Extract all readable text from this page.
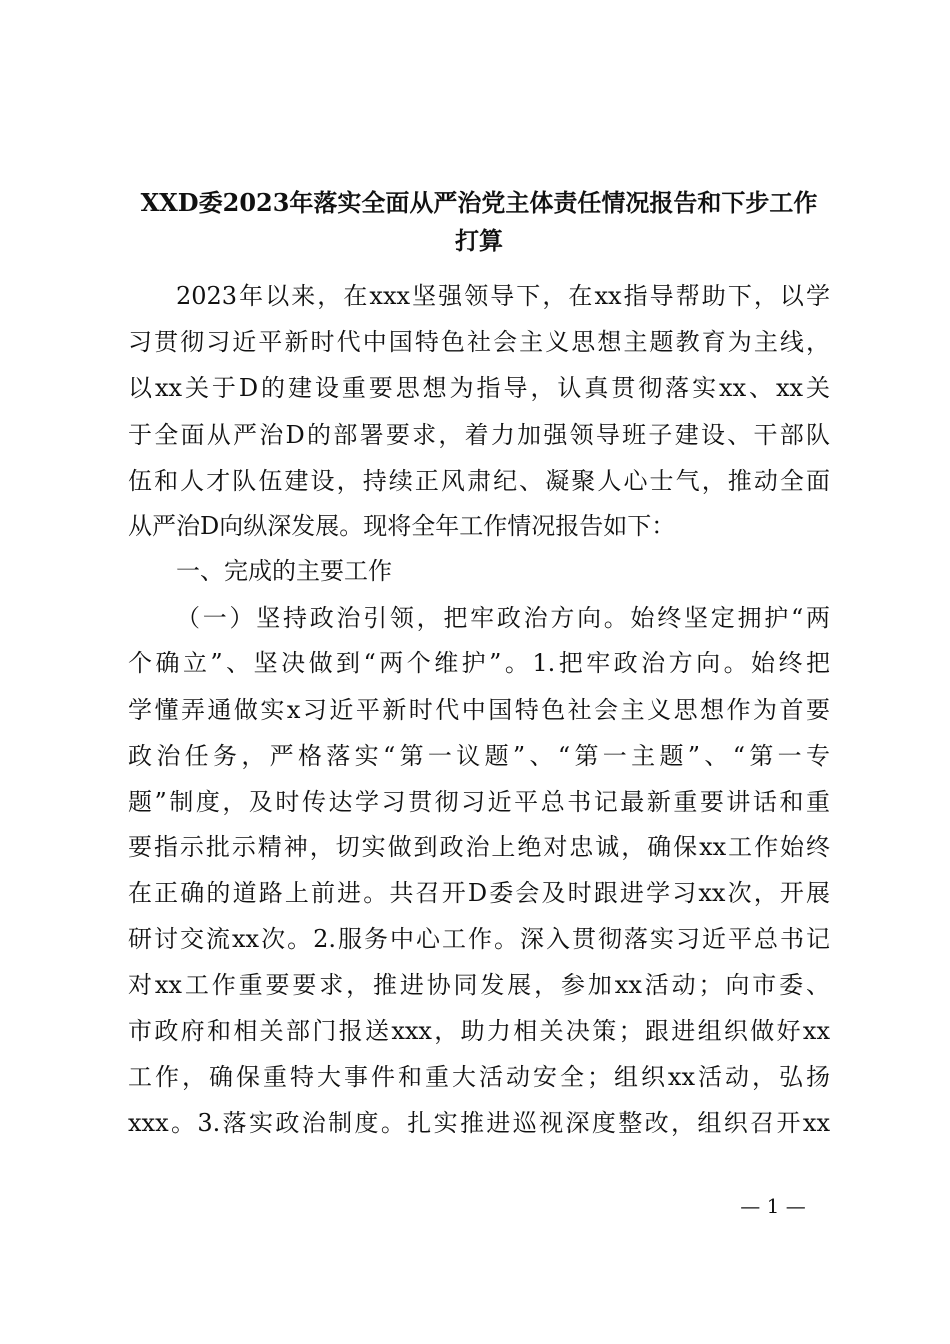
XXD委2023年落实全面从严治党主体责任情况报告和下步工作
打算

2023年以来，在xxx坚强领导下，在xx指导帮助下，以学

习贯彻习近平新时代中国特色社会主义思想主题教育为主线，

以xx关于D的建设重要思想为指导，认真贯彻落实xx、xx关

于全面从严治D的部署要求，着力加强领导班子建设、干部队

伍和人才队伍建设，持续正风肃纪、凝聚人心士气，推动全面

从严治D向纵深发展。现将全年工作情况报告如下：

一、完成的主要工作

（一）坚持政治引领，把牢政治方向。始终坚定拥护“两

个确立”、坚决做到“两个维护”。1.把牢政治方向。始终把

学懂弄通做实x习近平新时代中国特色社会主义思想作为首要

政治任务，严格落实“第一议题”、“第一主题”、“第一专

题”制度，及时传达学习贯彻习近平总书记最新重要讲话和重

要指示批示精神，切实做到政治上绝对忠诚，确保xx工作始终

在正确的道路上前进。共召开D委会及时跟进学习xx次，开展

研讨交流xx次。2.服务中心工作。深入贯彻落实习近平总书记

对xx工作重要要求，推进协同发展，参加xx活动；向市委、

市政府和相关部门报送xxx，助力相关决策；跟进组织做好xx

工作，确保重特大事件和重大活动安全；组织xx活动，弘扬

xxx。3.落实政治制度。扎实推进巡视深度整改，组织召开xx

— 1 —
